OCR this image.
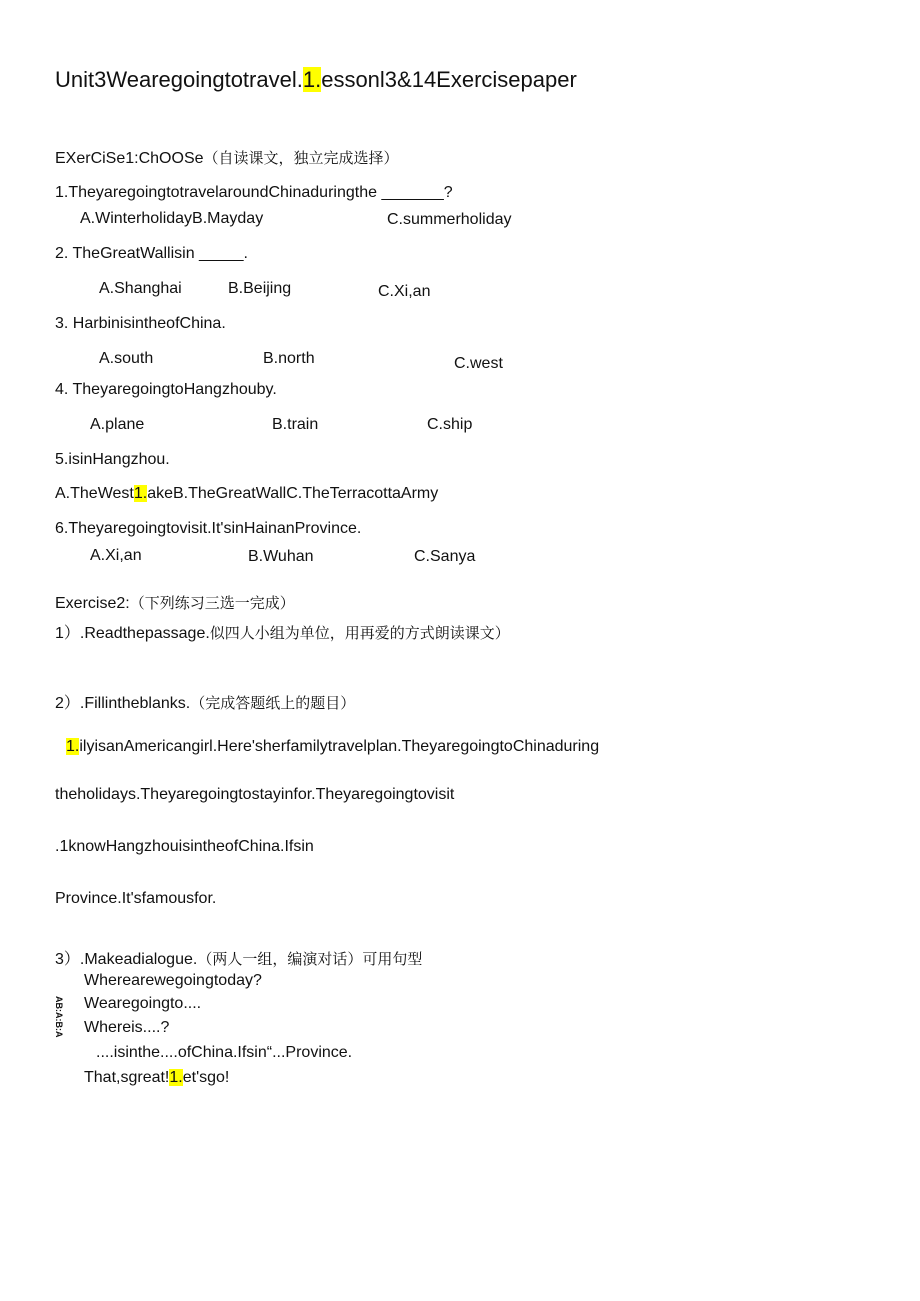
Unit3Wearegoingtotravel.1.essonl3&14Exercisepaper
EXerCiSe1:ChOOSe（自读课文，独立完成选择）
1.TheyaregoingtotravelaroundChinaduringthe _______?
A.WinterholidayB.Mayday	C.summerholiday
2. TheGreatWallisin _____.
A.Shanghai	B.Beijing	C.Xi,an
3. HarbinisintheofChina.
A.south	B.north	C.west
4. TheyaregoingtoHangzhouby.
A.plane	B.train	C.ship
5.isinHangzhou.
A.TheWest1.akeB.TheGreatWallC.TheTerracottaArmy
6.Theyaregoingtovisit.It'sinHainanProvince.
A.Xi,an	B.Wuhan	C.Sanya
Exercise2:（下列练习三选一完成）
1）.Readthepassage.似四人小组为单位，用再爱的方式朗读课文）
2）.Fillintheblanks.（完成答题纸上的题目）
1.ilyisanAmericangirl.Here'sherfamilytravelplan.TheyaregoingtoChinaduring
theholidays.Theyaregoingtostayinfor.Theyaregoingtovisit
.1knowHangzhouisintheofChina.Ifsin
Province.It'sfamousfor.
3）.Makeadialogue.（两人一组，编演对话）可用句型
AB:A:B:A
Wherearewegoingtoday?
Wearegoingto....
Whereis....?
....isinthe....ofChina.Ifsin“...Province.
That,sgreat!1.et'sgo!
